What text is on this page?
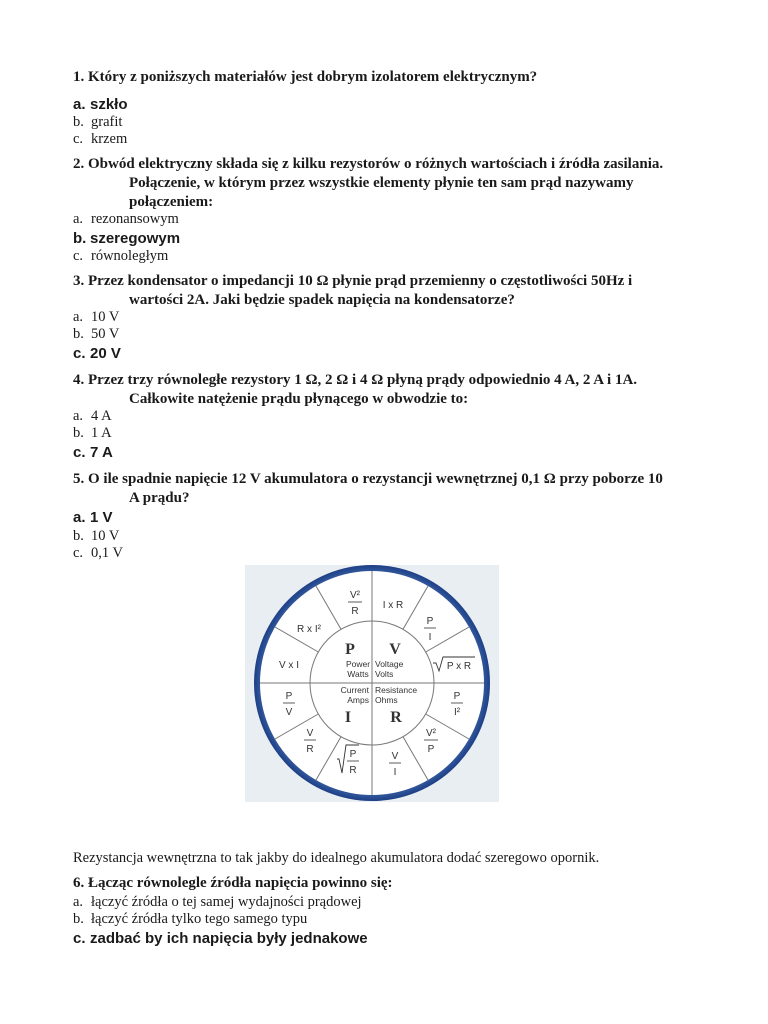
1. Który z poniższych materiałów jest dobrym izolatorem elektrycznym?
a. szkło
b. grafit
c. krzem
2. Obwód elektryczny składa się z kilku rezystorów o różnych wartościach i źródła zasilania.
Połączenie, w którym przez wszystkie elementy płynie ten sam prąd nazywamy
połączeniem:
a. rezonansowym
b. szeregowym
c. równoległym
3. Przez kondensator o impedancji 10 Ω płynie prąd przemienny o częstotliwości 50Hz i
wartości 2A. Jaki będzie spadek napięcia na kondensatorze?
a. 10 V
b. 50 V
c. 20 V
4. Przez trzy równoległe rezystory 1 Ω, 2 Ω i 4 Ω płyną prądy odpowiednio 4 A, 2 A i 1A.
Całkowite natężenie prądu płynącego w obwodzie to:
a. 4 A
b. 1 A
c. 7 A
5. O ile spadnie napięcie 12 V akumulatora o rezystancji wewnętrznej 0,1 Ω przy poborze 10
A prądu?
a. 1 V
b. 10 V
c. 0,1 V
P
Power
Watts
V
Voltage
Volts
Current
Amps
I
Resistance
Ohms
R
V²
R
I x R
P
I
R x I²
V x I	P x R
P
V
P
I²
V
R
V²
P
P
R
V
I
Rezystancja wewnętrzna to tak jakby do idealnego akumulatora dodać szeregowo opornik.
6. Łącząc równolegle źródła napięcia powinno się:
a. łączyć źródła o tej samej wydajności prądowej
b. łączyć źródła tylko tego samego typu
c. zadbać by ich napięcia były jednakowe
